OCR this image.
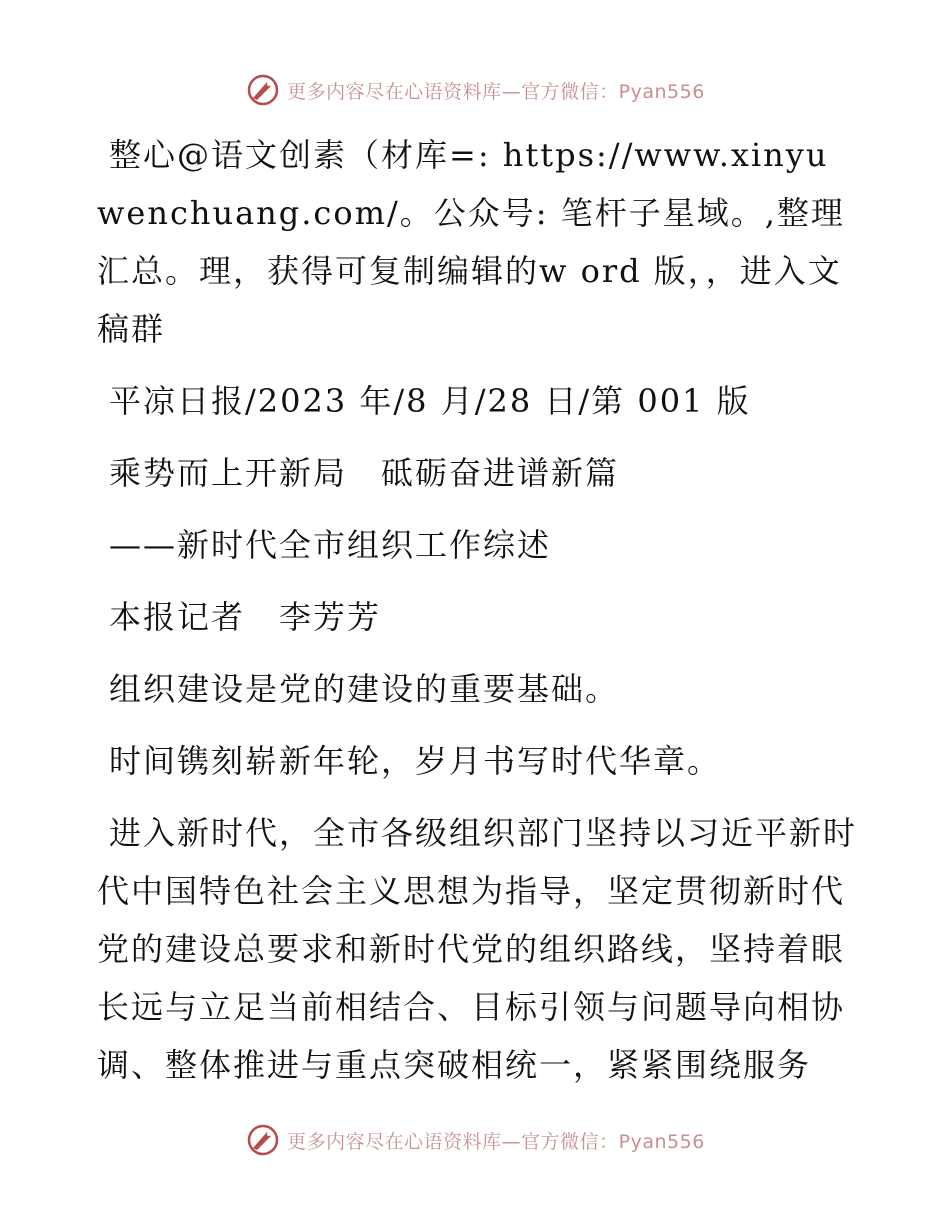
更多内容尽在心语资料库—官方微信：Pyan556

整心@语文创素（材库=: https://www.xinyuwenchuang.com/。公众号: 笔杆子星域。,整理汇总。理，获得可复制编辑的w ord 版，，进入文稿群

平凉日报/2023 年/8 月/28 日/第 001 版

乘势而上开新局　砥砺奋进谱新篇

——新时代全市组织工作综述

本报记者　李芳芳

组织建设是党的建设的重要基础。

时间镌刻崭新年轮，岁月书写时代华章。

进入新时代，全市各级组织部门坚持以习近平新时代中国特色社会主义思想为指导，坚定贯彻新时代党的建设总要求和新时代党的组织路线，坚持着眼长远与立足当前相结合、目标引领与问题导向相协调、整体推进与重点突破相统一，紧紧围绕服务

更多内容尽在心语资料库—官方微信：Pyan556
